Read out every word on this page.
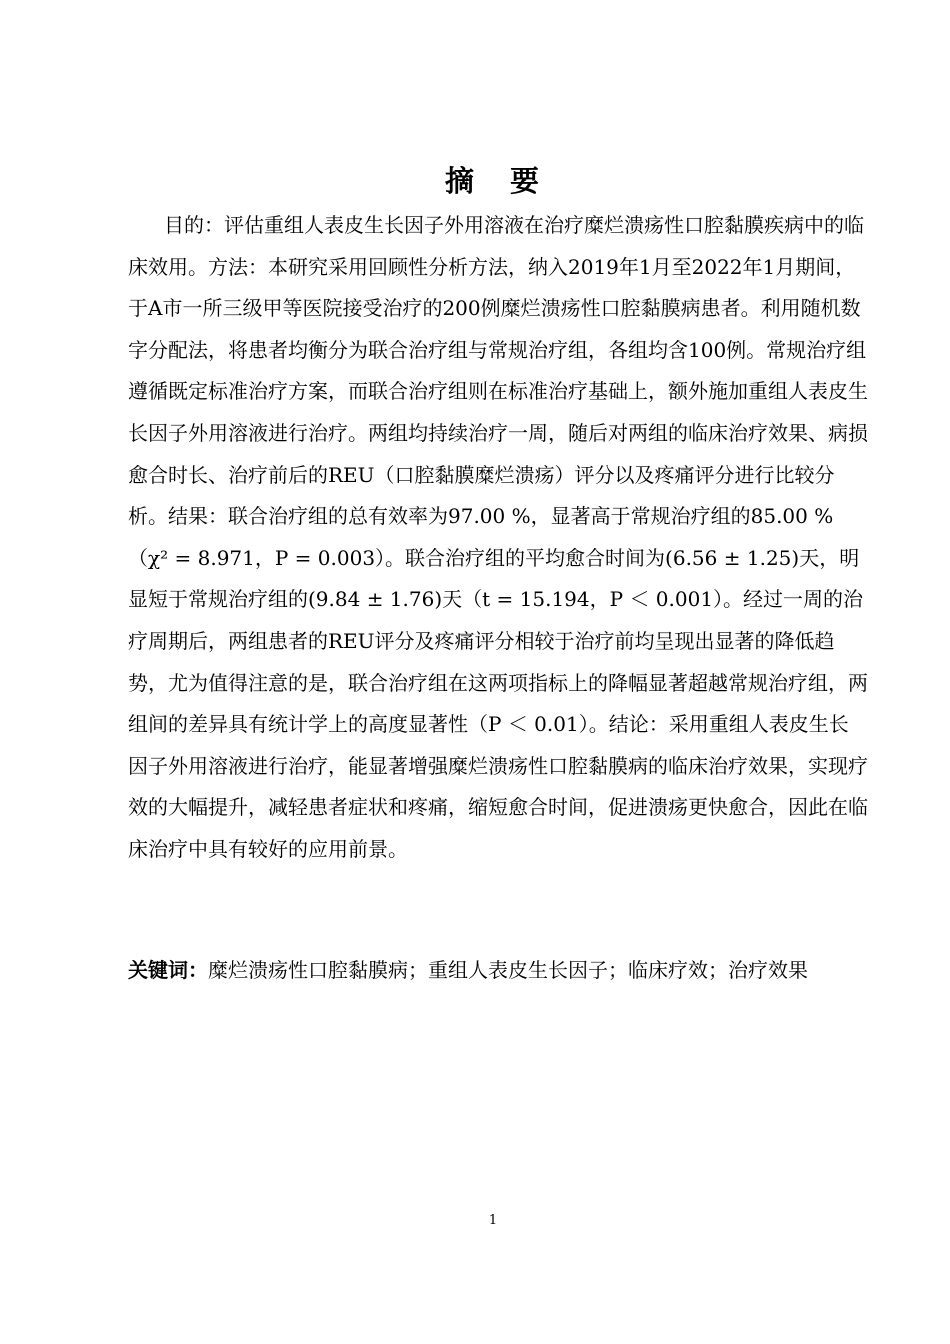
摘 要

目的：评估重组人表皮生长因子外用溶液在治疗糜烂溃疡性口腔黏膜疾病中的临床效用。方法：本研究采用回顾性分析方法，纳入2019年1月至2022年1月期间，于A市一所三级甲等医院接受治疗的200例糜烂溃疡性口腔黏膜病患者。利用随机数字分配法，将患者均衡分为联合治疗组与常规治疗组，各组均含100例。常规治疗组遵循既定标准治疗方案，而联合治疗组则在标准治疗基础上，额外施加重组人表皮生长因子外用溶液进行治疗。两组均持续治疗一周，随后对两组的临床治疗效果、病损愈合时长、治疗前后的REU（口腔黏膜糜烂溃疡）评分以及疼痛评分进行比较分析。结果：联合治疗组的总有效率为97.00 %，显著高于常规治疗组的85.00 %（χ² = 8.971，P = 0.003）。联合治疗组的平均愈合时间为(6.56 ± 1.25)天，明显短于常规治疗组的(9.84 ± 1.76)天（t = 15.194，P ＜ 0.001）。经过一周的治疗周期后，两组患者的REU评分及疼痛评分相较于治疗前均呈现出显著的降低趋势，尤为值得注意的是，联合治疗组在这两项指标上的降幅显著超越常规治疗组，两组间的差异具有统计学上的高度显著性（P ＜ 0.01）。结论：采用重组人表皮生长因子外用溶液进行治疗，能显著增强糜烂溃疡性口腔黏膜病的临床治疗效果，实现疗效的大幅提升，减轻患者症状和疼痛，缩短愈合时间，促进溃疡更快愈合，因此在临床治疗中具有较好的应用前景。

关键词：糜烂溃疡性口腔黏膜病；重组人表皮生长因子；临床疗效；治疗效果

1
